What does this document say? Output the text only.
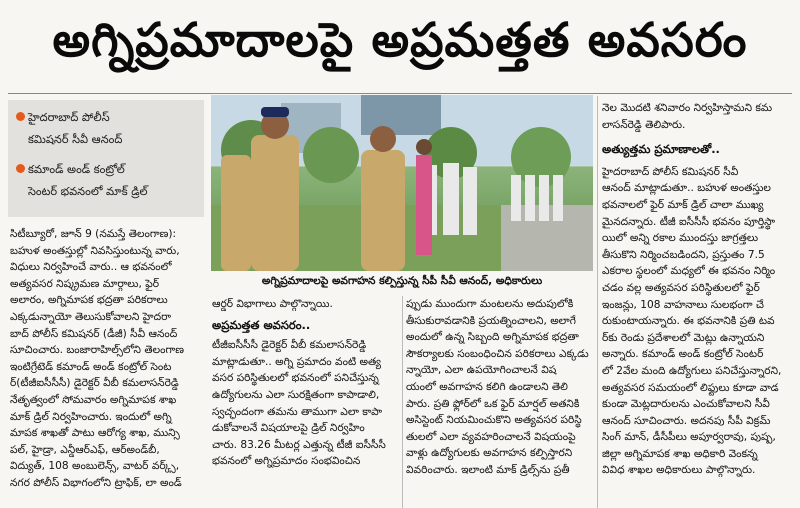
అగ్నిప్రమాదాలపై అప్రమత్తత అవసరం
హైదరాబాద్ పోలీస్
కమిషనర్ సీవీ ఆనంద్
కమాండ్ అండ్ కంట్రోల్
సెంటర్ భవనంలో మాక్ డ్రిల్

సిటీబ్యూరో, జూన్ 9 (నమస్తే తెలంగాణ):

బహుళ అంతస్తుల్లో నివసిస్తుంటున్న వారు,

విధులు నిర్వహించే వారు.. ఆ భవనంలో

అత్యవసర నిష్క్రమణ మార్గాలు, ఫైర్

అలారం, అగ్నిమాపక భద్రతా పరికరాలు

ఎక్కడున్నాయో తెలుసుకోవాలని హైదరా

బాద్ పోలీస్ కమిషనర్ (డీజీ) సీవీ ఆనంద్

సూచించారు. బంజారాహిల్స్‌లోని తెలంగాణ

ఇంటిగ్రేటెడ్ కమాండ్ అండ్ కంట్రోల్ సెంట

ర్(టీజీఐసీసీసీ) డైరెక్టర్ వీబీ కమలాసన్‌రెడ్డి

నేతృత్వంలో సోమవారం అగ్నిమాపక శాఖ

మాక్ డ్రిల్ నిర్వహించారు. ఇందులో అగ్ని

మాపక శాఖతో పాటు ఆరోగ్య శాఖ, మున్సి

పల్, హైడ్రా, ఎన్డీఆర్ఎఫ్, ఆర్అండ్‌బీ,

విద్యుత్, 108 అంబులెన్స్, వాటర్ వర్క్స్,

నగర పోలీస్ విభాగంలోని ట్రాఫిక్, లా అండ్

అగ్నిప్రమాదాలపై అవగాహన కల్పిస్తున్న సీపీ సీవీ ఆనంద్, అధికారులు

ఆర్డర్ విభాగాలు పాల్గొన్నాయి.

అప్రమత్తత అవసరం..

టీజీఐసీసీసీ డైరెక్టర్ వీబీ కమలాసన్‌రెడ్డి

మాట్లాడుతూ.. అగ్ని ప్రమాదం వంటి అత్య

వసర పరిస్థితులలో భవనంలో పనిచేస్తున్న

ఉద్యోగులను ఎలా సురక్షితంగా కాపాడాలి,

స్వచ్ఛందంగా తమను తాముగా ఎలా కాపా

డుకోవాలనే విషయాలపై డ్రిల్ నిర్వహిం

చారు. 83.26 మీటర్ల ఎత్తున్న టీజీ ఐసీసీసీ

భవనంలో అగ్నిప్రమాదం సంభవించిన

ప్పుడు ముందుగా మంటలను అదుపులోకి

తీసుకురావడానికి ప్రయత్నించాలని, అలాగే

అందులో ఉన్న సిబ్బంది అగ్నిమాపక భద్రతా

సౌకర్యాలకు సంబంధించిన పరికరాలు ఎక్కడు

న్నాయో, ఎలా ఉపయోగించాలనే విష

యంలో అవగాహన కలిగి ఉండాలని తెలి

పారు. ప్రతి ఫ్లోర్‌లో ఒక ఫైర్ మార్షల్ అతనికి

అసిస్టెంట్ నియమించుకొని అత్యవసర పరిస్థి

తులలో ఎలా వ్యవహరించాలనే విషయంపై

వాళ్లు ఉద్యోగులకు అవగాహన కల్పిస్తారని

వివరించారు. ఇలాంటి మాక్ డ్రిల్స్‌ను ప్రతీ

నెల మొదటి శనివారం నిర్వహిస్తామని కమ

లాసన్‌రెడ్డి తెలిపారు.

అత్యుత్తమ ప్రమాణాలతో..

హైదరాబాద్ పోలీస్ కమిషనర్ సీవీ

ఆనంద్ మాట్లాడుతూ.. బహుళ అంతస్తుల

భవనాలలో ఫైర్ మాక్ డ్రిల్ చాలా ముఖ్య

మైనదన్నారు. టీజీ ఐసీసీసీ భవనం పూర్తిస్థా

యిలో అన్ని రకాల ముందస్తు జాగ్రత్తలు

తీసుకొని నిర్మించబడిందని, ప్రస్తుతం 7.5

ఎకరాల స్థలంలో మధ్యలో ఈ భవనం నిర్మిం

చడం వల్ల అత్యవసర పరిస్థితులలో ఫైర్

ఇంజన్లు, 108 వాహనాలు సులభంగా చే

రుకుంటాయన్నారు. ఈ భవనానికి ప్రతి టవ

ర్‌కు రెండు ప్రదేశాలలో మెట్లు ఉన్నాయని

అన్నారు. కమాండ్ అండ్ కంట్రోల్ సెంటర్

లో 2వేల మంది ఉద్యోగులు పనిచేస్తున్నారని,

అత్యవసర సమయంలో లిఫ్టులు కూడా వాడ

కుండా మెట్లదారులను ఎంచుకోవాలని సీవీ

ఆనంద్ సూచించారు. అదనపు సీపీ విక్రమ్

సింగ్ మాన్, డీసీపీలు అపూర్వరావు, పుష్ప,

జిల్లా అగ్నిమాపక శాఖ అధికారి వెంకన్న

వివిధ శాఖల అధికారులు పాల్గొన్నారు.
